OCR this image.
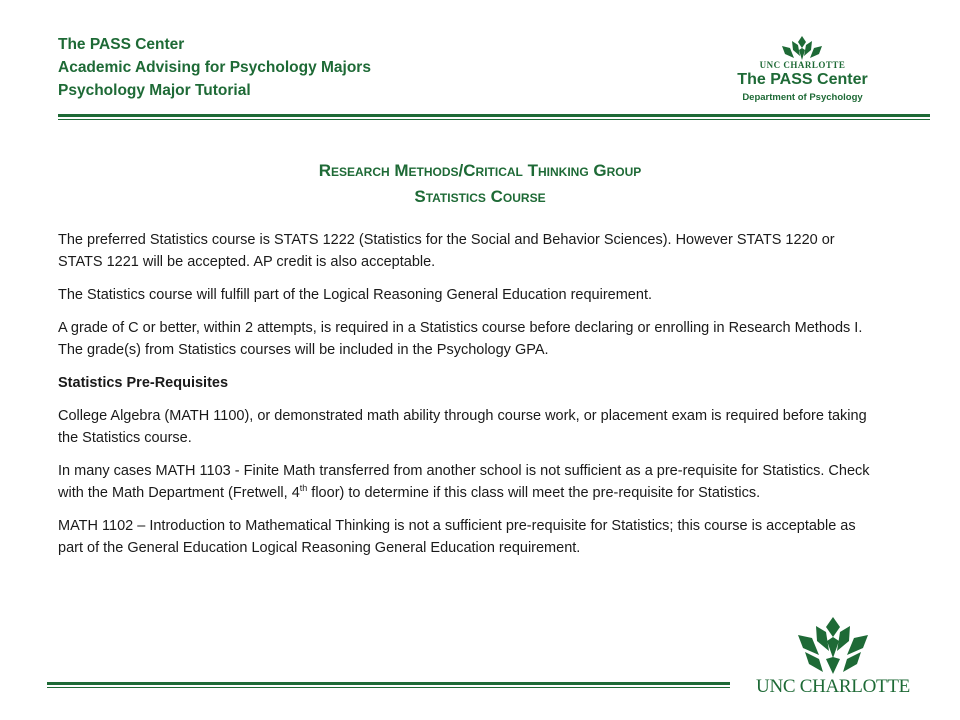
The PASS Center
Academic Advising for Psychology Majors
Psychology Major Tutorial
UNC CHARLOTTE
The PASS Center
Department of Psychology
Research Methods/Critical Thinking Group
Statistics Course

The preferred Statistics course is STATS 1222 (Statistics for the Social and Behavior Sciences). However STATS 1220 or STATS 1221 will be accepted. AP credit is also acceptable.

The Statistics course will fulfill part of the Logical Reasoning General Education requirement.

A grade of C or better, within 2 attempts, is required in a Statistics course before declaring or enrolling in Research Methods I. The grade(s) from Statistics courses will be included in the Psychology GPA.

Statistics Pre-Requisites

College Algebra (MATH 1100), or demonstrated math ability through course work, or placement exam is required before taking the Statistics course.

In many cases MATH 1103 - Finite Math transferred from another school is not sufficient as a pre-requisite for Statistics. Check with the Math Department (Fretwell, 4th floor) to determine if this class will meet the pre-requisite for Statistics.

MATH 1102 – Introduction to Mathematical Thinking is not a sufficient pre-requisite for Statistics; this course is acceptable as part of the General Education Logical Reasoning General Education requirement.

UNC CHARLOTTE
